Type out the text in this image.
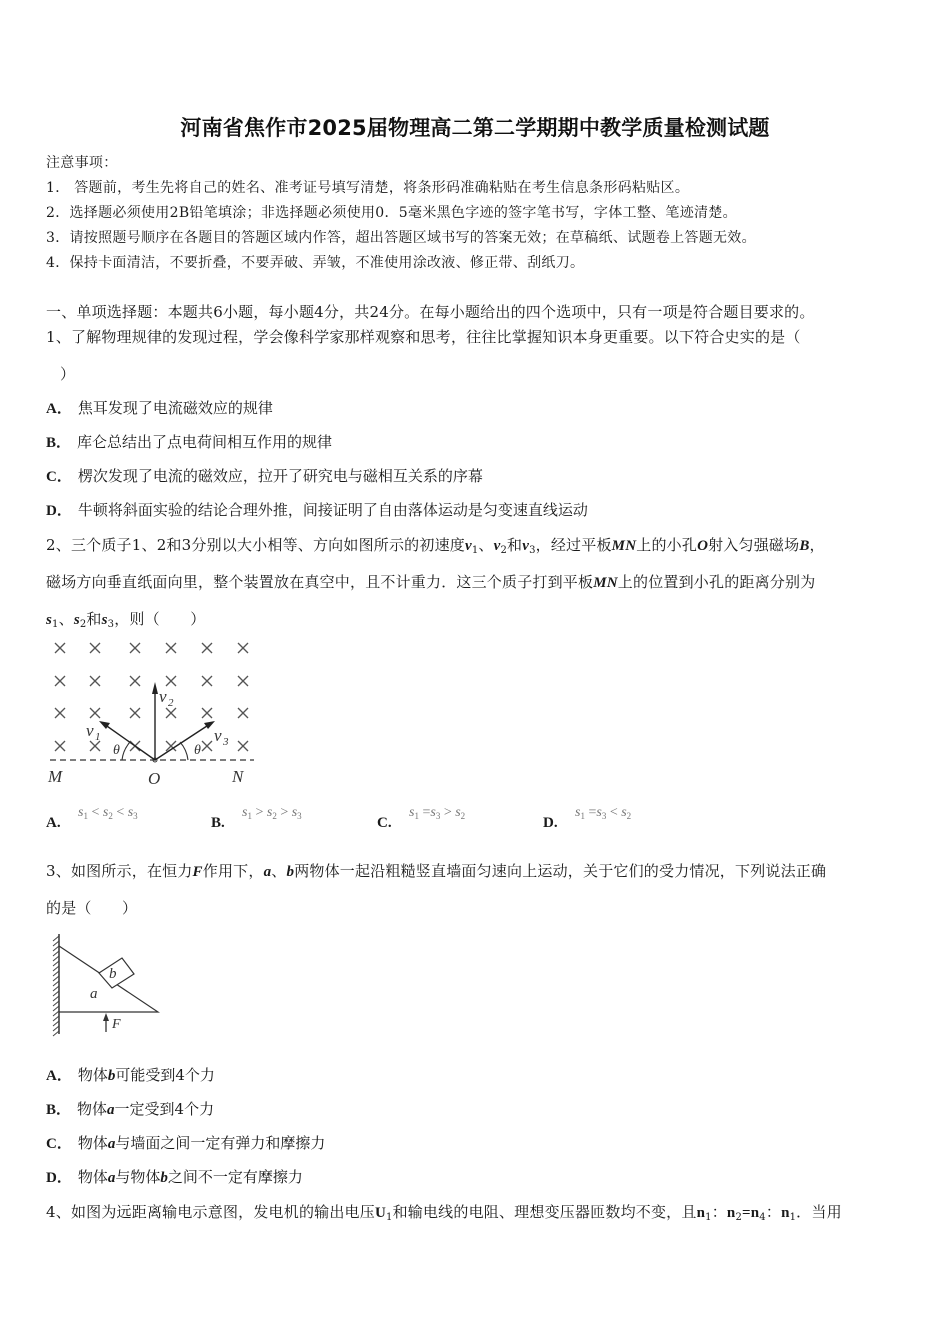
河南省焦作市2025届物理高二第二学期期中教学质量检测试题
注意事项：
1． 答题前，考生先将自己的姓名、准考证号填写清楚，将条形码准确粘贴在考生信息条形码粘贴区。
2．选择题必须使用2B铅笔填涂；非选择题必须使用0．5毫米黑色字迹的签字笔书写，字体工整、笔迹清楚。
3．请按照题号顺序在各题目的答题区域内作答，超出答题区域书写的答案无效；在草稿纸、试题卷上答题无效。
4．保持卡面清洁，不要折叠，不要弄破、弄皱，不准使用涂改液、修正带、刮纸刀。
一、单项选择题：本题共6小题，每小题4分，共24分。在每小题给出的四个选项中，只有一项是符合题目要求的。
1、了解物理规律的发现过程，学会像科学家那样观察和思考，往往比掌握知识本身更重要。以下符合史实的是（
）
A． 焦耳发现了电流磁效应的规律
B． 库仑总结出了点电荷间相互作用的规律
C． 楞次发现了电流的磁效应，拉开了研究电与磁相互关系的序幕
D． 牛顿将斜面实验的结论合理外推，间接证明了自由落体运动是匀变速直线运动
2、三个质子1、2和3分别以大小相等、方向如图所示的初速度$v_1$、$v_2$和$v_3$，经过平板MN上的小孔O射入匀强磁场B，
磁场方向垂直纸面向里，整个装置放在真空中，且不计重力．这三个质子打到平板MN上的位置到小孔的距离分别为
$s_1$、$s_2$和$s_3$，则（　　）
M	O	N
v 2
v 1	v 3
θ	θ
A.
$s_1 < s_2 < s_3$	B.
$s_1 > s_2 > s_3$	C.
$s_1 =s_3 > s_2$	D.
$s_1 =s_3 < s_2$
3、如图所示，在恒力F作用下，a、b两物体一起沿粗糙竖直墙面匀速向上运动，关于它们的受力情况，下列说法正确
的是（　　）
b
a
F
A． 物体b可能受到4个力
B． 物体a一定受到4个力
C． 物体a与墙面之间一定有弹力和摩擦力
D． 物体a与物体b之间不一定有摩擦力
4、如图为远距离输电示意图，发电机的输出电压$U_1$和输电线的电阻、理想变压器匝数均不变，且$n_1$：$n_2=n_4$：$n_1$．当用
